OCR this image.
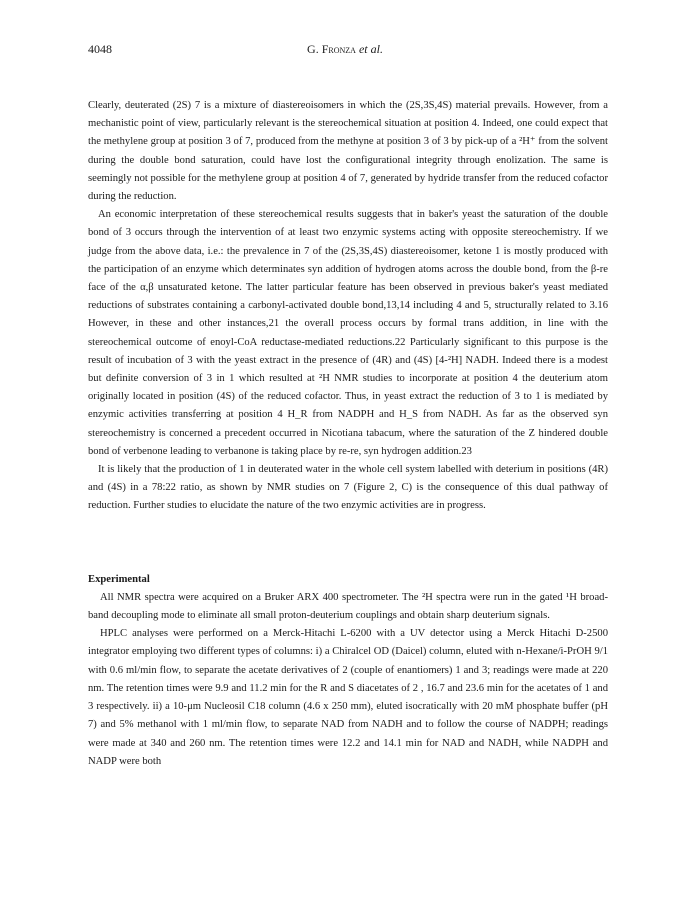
4048	G. Fronza et al.

Clearly, deuterated (2S) 7 is a mixture of diastereoisomers in which the (2S,3S,4S) material prevails. However, from a mechanistic point of view, particularly relevant is the stereochemical situation at position 4. Indeed, one could expect that the methylene group at position 3 of 7, produced from the methyne at position 3 of 3 by pick-up of a ²H⁺ from the solvent during the double bond saturation, could have lost the configurational integrity through enolization. The same is seemingly not possible for the methylene group at position 4 of 7, generated by hydride transfer from the reduced cofactor during the reduction.

An economic interpretation of these stereochemical results suggests that in baker's yeast the saturation of the double bond of 3 occurs through the intervention of at least two enzymic systems acting with opposite stereochemistry. If we judge from the above data, i.e.: the prevalence in 7 of the (2S,3S,4S) diastereoisomer, ketone 1 is mostly produced with the participation of an enzyme which determinates syn addition of hydrogen atoms across the double bond, from the β-re face of the α,β unsaturated ketone. The latter particular feature has been observed in previous baker's yeast mediated reductions of substrates containing a carbonyl-activated double bond,13,14 including 4 and 5, structurally related to 3.16 However, in these and other instances,21 the overall process occurs by formal trans addition, in line with the stereochemical outcome of enoyl-CoA reductase-mediated reductions.22 Particularly significant to this purpose is the result of incubation of 3 with the yeast extract in the presence of (4R) and (4S) [4-²H] NADH. Indeed there is a modest but definite conversion of 3 in 1 which resulted at ²H NMR studies to incorporate at position 4 the deuterium atom originally located in position (4S) of the reduced cofactor. Thus, in yeast extract the reduction of 3 to 1 is mediated by enzymic activities transferring at position 4 H_R from NADPH and H_S from NADH. As far as the observed syn stereochemistry is concerned a precedent occurred in Nicotiana tabacum, where the saturation of the Z hindered double bond of verbenone leading to verbanone is taking place by re-re, syn hydrogen addition.23

It is likely that the production of 1 in deuterated water in the whole cell system labelled with deterium in positions (4R) and (4S) in a 78:22 ratio, as shown by NMR studies on 7 (Figure 2, C) is the consequence of this dual pathway of reduction. Further studies to elucidate the nature of the two enzymic activities are in progress.

Experimental

All NMR spectra were acquired on a Bruker ARX 400 spectrometer. The ²H spectra were run in the gated ¹H broad-band decoupling mode to eliminate all small proton-deuterium couplings and obtain sharp deuterium signals.

HPLC analyses were performed on a Merck-Hitachi L-6200 with a UV detector using a Merck Hitachi D-2500 integrator employing two different types of columns: i) a Chiralcel OD (Daicel) column, eluted with n-Hexane/i-PrOH 9/1 with 0.6 ml/min flow, to separate the acetate derivatives of 2 (couple of enantiomers) 1 and 3; readings were made at 220 nm. The retention times were 9.9 and 11.2 min for the R and S diacetates of 2 , 16.7 and 23.6 min for the acetates of 1 and 3 respectively. ii) a 10-μm Nucleosil C18 column (4.6 x 250 mm), eluted isocratically with 20 mM phosphate buffer (pH 7) and 5% methanol with 1 ml/min flow, to separate NAD from NADH and to follow the course of NADPH; readings were made at 340 and 260 nm. The retention times were 12.2 and 14.1 min for NAD and NADH, while NADPH and NADP were both
